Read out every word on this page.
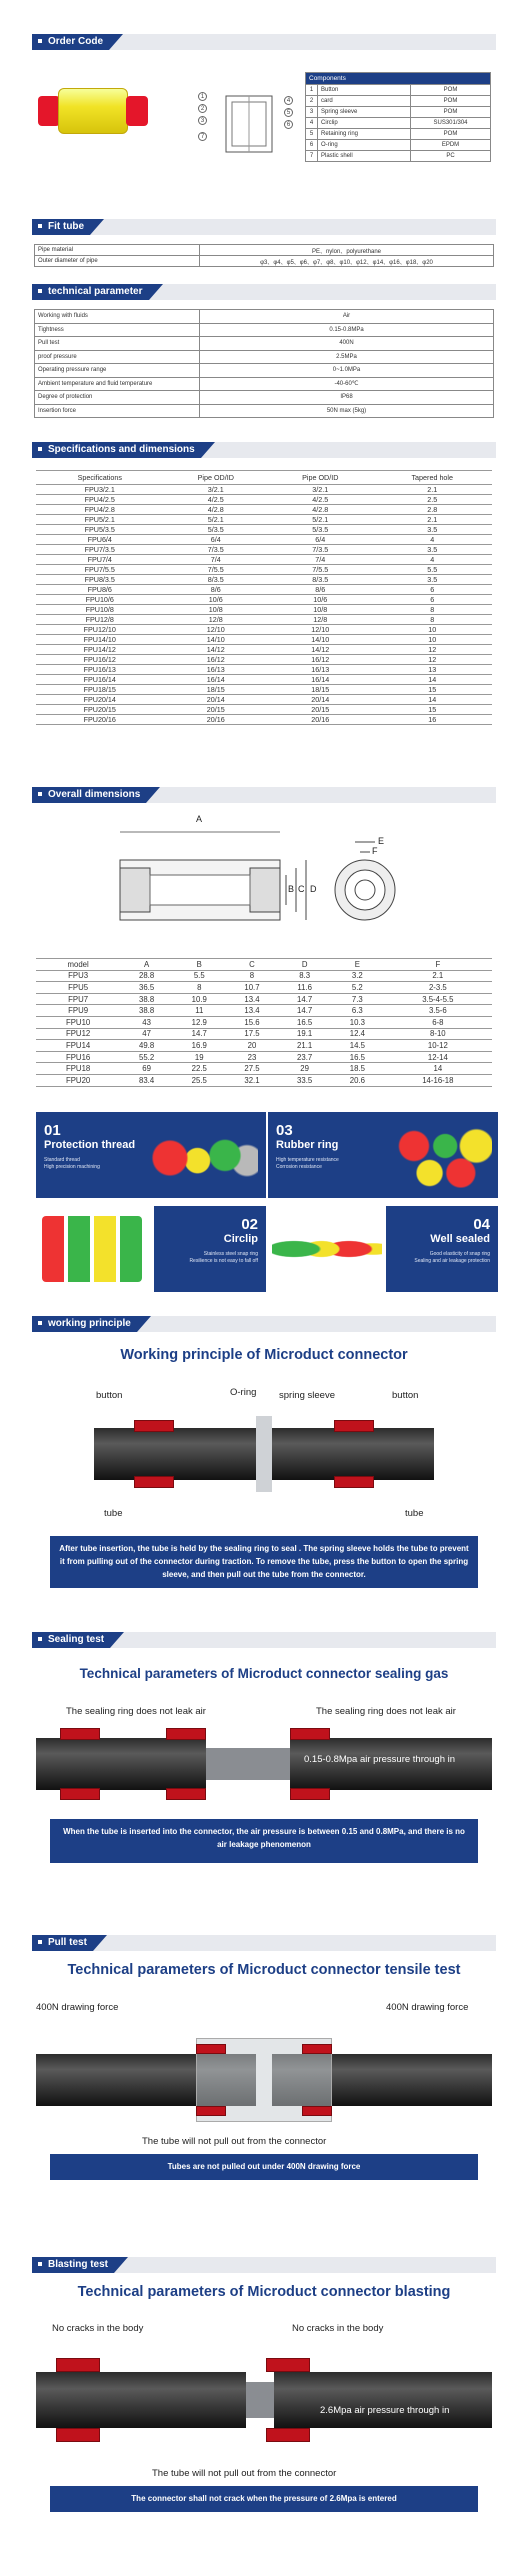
Order Code
1
2
3
4
5
6
7
Components		
1	Button	POM
2	card	POM
3	Spring sleeve	POM
4	Circlip	SUS301/304
5	Retaining ring	POM
6	O-ring	EPDM
7	Plastic shell	PC
Fit tube
Pipe material	PE、nylon、polyurethane
Outer diameter of pipe	φ3、φ4、φ5、φ6、φ7、φ8、φ10、φ12、φ14、φ16、φ18、φ20
technical parameter
Working with fluids	Air
Tightness	0.15-0.8MPa
Pull test	400N
proof pressure	2.5MPa
Operating pressure range	0~1.0MPa
Ambient temperature and fluid temperature	-40-60℃
Degree of protection	IP68
Insertion force	50N max (5kg)
Specifications and dimensions
Specifications	Pipe OD/ID	Pipe OD/ID	Tapered hole
FPU3/2.1	3/2.1	3/2.1	2.1
FPU4/2.5	4/2.5	4/2.5	2.5
FPU4/2.8	4/2.8	4/2.8	2.8
FPU5/2.1	5/2.1	5/2.1	2.1
FPU5/3.5	5/3.5	5/3.5	3.5
FPU6/4	6/4	6/4	4
FPU7/3.5	7/3.5	7/3.5	3.5
FPU7/4	7/4	7/4	4
FPU7/5.5	7/5.5	7/5.5	5.5
FPU8/3.5	8/3.5	8/3.5	3.5
FPU8/6	8/6	8/6	6
FPU10/6	10/6	10/6	6
FPU10/8	10/8	10/8	8
FPU12/8	12/8	12/8	8
FPU12/10	12/10	12/10	10
FPU14/10	14/10	14/10	10
FPU14/12	14/12	14/12	12
FPU16/12	16/12	16/12	12
FPU16/13	16/13	16/13	13
FPU16/14	16/14	16/14	14
FPU18/15	18/15	18/15	15
FPU20/14	20/14	20/14	14
FPU20/15	20/15	20/15	15
FPU20/16	20/16	20/16	16
Overall dimensions
A
B C D
E
F
model	A	B	C	D	E	F
FPU3	28.8	5.5	8	8.3	3.2	2.1
FPU5	36.5	8	10.7	11.6	5.2	2-3.5
FPU7	38.8	10.9	13.4	14.7	7.3	3.5-4-5.5
FPU9	38.8	11	13.4	14.7	6.3	3.5-6
FPU10	43	12.9	15.6	16.5	10.3	6-8
FPU12	47	14.7	17.5	19.1	12.4	8-10
FPU14	49.8	16.9	20	21.1	14.5	10-12
FPU16	55.2	19	23	23.7	16.5	12-14
FPU18	69	22.5	27.5	29	18.5	14
FPU20	83.4	25.5	32.1	33.5	20.6	14-16-18
01
Protection thread
Standard thread
High precision machining
03
Rubber ring
High temperature resistance
Corrosion resistance
02
Circlip
Stainless steel snap ring
Resilience is not easy to fall off
04
Well sealed
Good elasticity of snap ring
Sealing and air leakage protection
working principle
Working principle of Microduct connector
button	O-ring spring sleeve	button
tube	tube
After tube insertion, the tube is held by the sealing ring to seal . The spring sleeve holds the tube to prevent it from pulling out of the connector during traction. To remove the tube, press the button to open the spring sleeve, and then pull out the tube from the connector.
Sealing test
Technical parameters of Microduct connector sealing gas
The sealing ring does not leak air	The sealing ring does not leak air
0.15-0.8Mpa air pressure through in
When the tube is inserted into the connector, the air pressure is between 0.15 and 0.8MPa, and there is no air leakage phenomenon
Pull test
Technical parameters of Microduct connector tensile test
400N drawing force	400N drawing force
The tube will not pull out from the connector
Tubes are not pulled out under 400N drawing force
Blasting test
Technical parameters of Microduct connector blasting
No cracks in the body	No cracks in the body
2.6Mpa air pressure through in
The tube will not pull out from the connector
The connector shall not crack when the pressure of 2.6Mpa is entered
